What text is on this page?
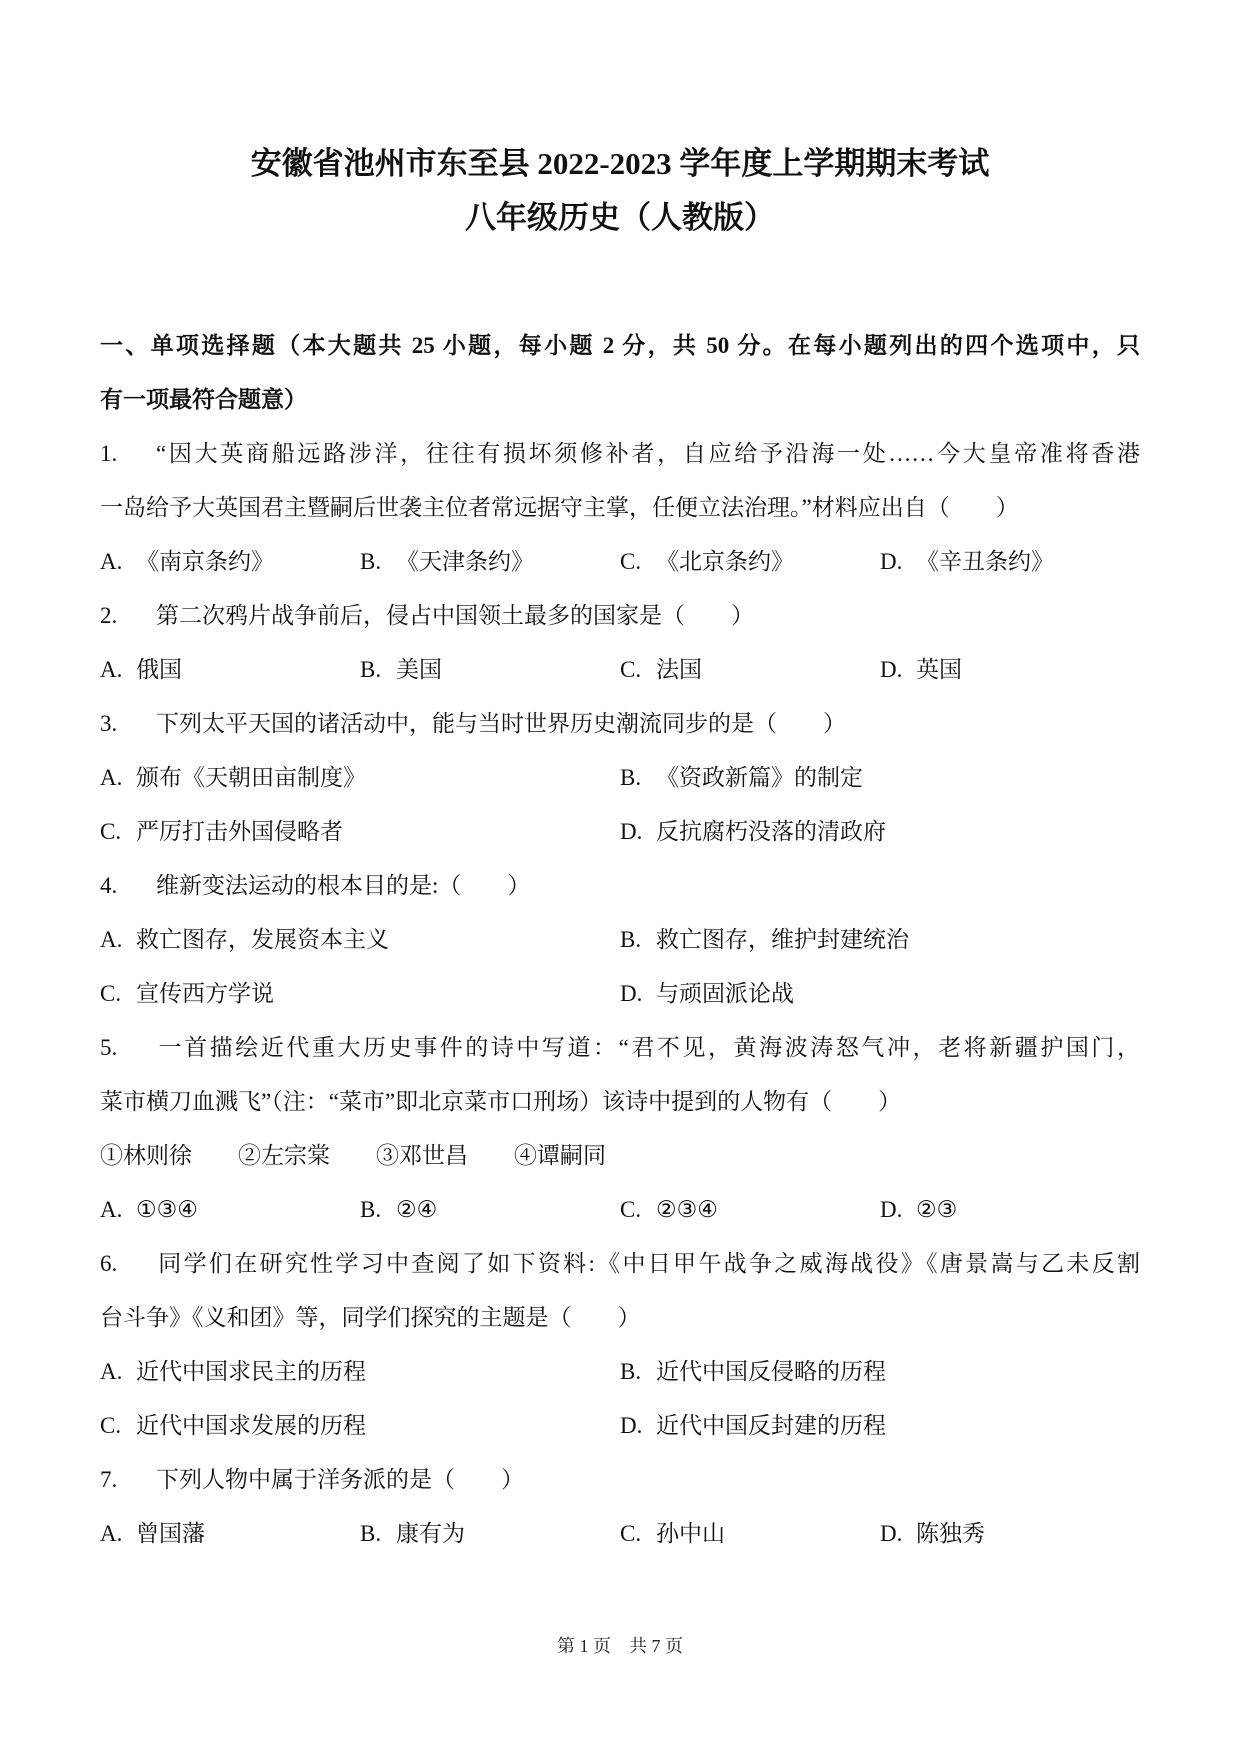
安徽省池州市东至县 2022-2023 学年度上学期期末考试
八年级历史（人教版）
一、单项选择题（本大题共 25 小题，每小题 2 分，共 50 分。在每小题列出的四个选项中，只
有一项最符合题意）
1. “因大英商船远路涉洋，往往有损坏须修补者，自应给予沿海一处……今大皇帝准将香港
一岛给予大英国君主暨嗣后世袭主位者常远据守主掌，任便立法治理。”材料应出自（　　）
A. 《南京条约》	B. 《天津条约》	C. 《北京条约》	D. 《辛丑条约》
2. 第二次鸦片战争前后，侵占中国领土最多的国家是（　　）
A. 俄国	B. 美国	C. 法国	D. 英国
3. 下列太平天国的诸活动中，能与当时世界历史潮流同步的是（　　）
A. 颁布《天朝田亩制度》	B. 《资政新篇》的制定
C. 严厉打击外国侵略者	D. 反抗腐朽没落的清政府
4. 维新变法运动的根本目的是:（　　）
A. 救亡图存，发展资本主义	B. 救亡图存，维护封建统治
C. 宣传西方学说	D. 与顽固派论战
5. 一首描绘近代重大历史事件的诗中写道：“君不见，黄海波涛怒气冲，老将新疆护国门，
菜市横刀血溅飞”（注：“菜市”即北京菜市口刑场）该诗中提到的人物有（　　）
①林则徐 ②左宗棠 ③邓世昌 ④谭嗣同
A. ①③④	B. ②④	C. ②③④	D. ②③
6. 同学们在研究性学习中查阅了如下资料:《中日甲午战争之威海战役》《唐景嵩与乙未反割
台斗争》《义和团》等，同学们探究的主题是（　　）
A. 近代中国求民主的历程	B. 近代中国反侵略的历程
C. 近代中国求发展的历程	D. 近代中国反封建的历程
7. 下列人物中属于洋务派的是（　　）
A. 曾国藩	B. 康有为	C. 孙中山	D. 陈独秀
第 1 页　共 7 页
